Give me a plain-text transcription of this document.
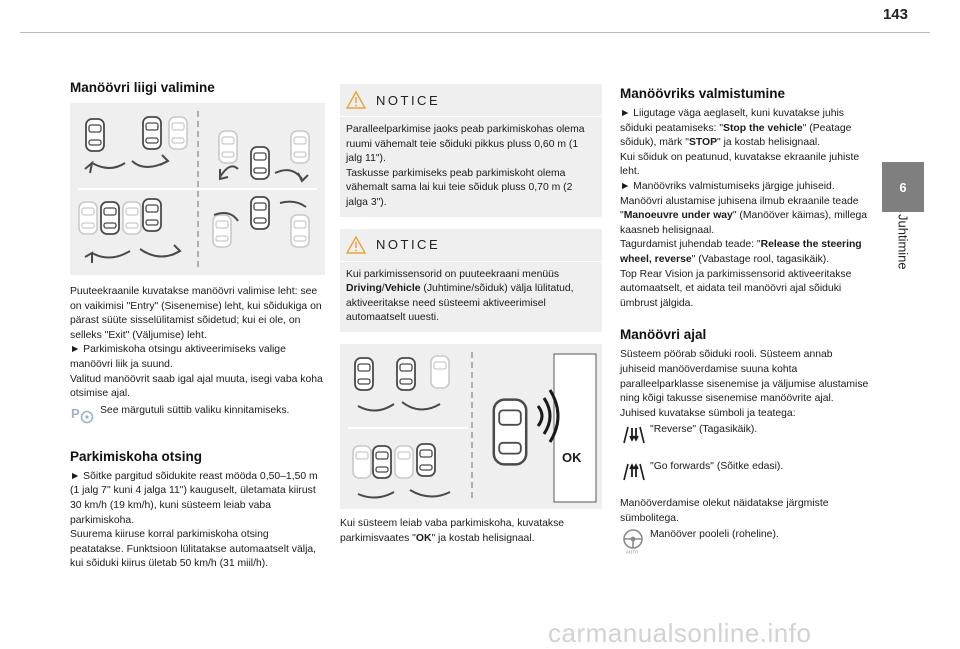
143
6
Juhtimine
Manöövri liigi valimine

Puuteekraanile kuvatakse manöövri valimise leht: see on vaikimisi "Entry" (Sisenemise) leht, kui sõidukiga on pärast süüte sisselülitamist sõidetud; kui ei ole, on selleks "Exit" (Väljumise) leht.

► Parkimiskoha otsingu aktiveerimiseks valige manöövri liik ja suund.

Valitud manöövrit saab igal ajal muuta, isegi vaba koha otsimise ajal.

P See märgutuli süttib valiku kinnitamiseks.

Parkimiskoha otsing

► Sõitke pargitud sõidukite reast mööda 0,50–1,50 m (1 jalg 7" kuni 4 jalga 11") kauguselt, ületamata kiirust 30 km/h (19 km/h), kuni süsteem leiab vaba parkimiskoha.

Suurema kiiruse korral parkimiskoha otsing peatatakse. Funktsioon lülitatakse automaatselt välja, kui sõiduki kiirus ületab 50 km/h (31 miil/h).

NOTICE

Paralleelparkimise jaoks peab parkimiskohas olema ruumi vähemalt teie sõiduki pikkus pluss 0,60 m (1 jalg 11").

Taskusse parkimiseks peab parkimiskoht olema vähemalt sama lai kui teie sõiduk pluss 0,70 m (2 jalga 3").

NOTICE

Kui parkimissensorid on puuteekraani menüüs Driving/Vehicle (Juhtimine/sõiduk) välja lülitatud, aktiveeritakse need süsteemi aktiveerimisel automaatselt uuesti.

OK

Kui süsteem leiab vaba parkimiskoha, kuvatakse parkimisvaates "OK" ja kostab helisignaal.

Manöövriks valmistumine

► Liigutage väga aeglaselt, kuni kuvatakse juhis sõiduki peatamiseks: "Stop the vehicle" (Peatage sõiduk), märk "STOP" ja kostab helisignaal.

Kui sõiduk on peatunud, kuvatakse ekraanile juhiste leht.

► Manöövriks valmistumiseks järgige juhiseid.

Manöövri alustamise juhisena ilmub ekraanile teade "Manoeuvre under way" (Manööver käimas), millega kaasneb helisignaal.

Tagurdamist juhendab teade: "Release the steering wheel, reverse" (Vabastage rool, tagasikäik).

Top Rear Vision ja parkimissensorid aktiveeritakse automaatselt, et aidata teil manöövri ajal sõiduki ümbrust jälgida.

Manöövri ajal

Süsteem pöörab sõiduki rooli. Süsteem annab juhiseid manööverdamise suuna kohta paralleelparklasse sisenemise ja väljumise alustamise ning kõigi takusse sisenemise manöövrite ajal.

Juhised kuvatakse sümboli ja teatega:

"Reverse" (Tagasikäik).

"Go forwards" (Sõitke edasi).

Manööverdamise olekut näidatakse järgmiste sümbolitega.

AUTO

Manööver pooleli (roheline).

carmanualsonline.info
